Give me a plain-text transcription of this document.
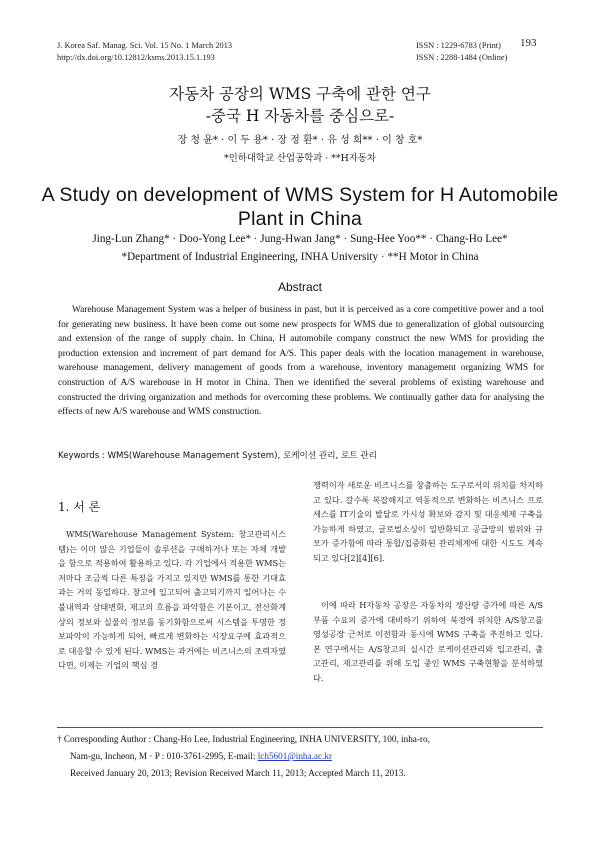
J. Korea Saf. Manag. Sci. Vol. 15 No. 1 March 2013
http://dx.doi.org/10.12812/ksms.2013.15.1.193
ISSN : 1229-6783 (Print)
ISSN : 2288-1484 (Online)
193
자동차 공장의 WMS 구축에 관한 연구
-중국 H 자동차를 중심으로-
장 청 윤* · 이 두 용* · 장 정 환* · 유 성 희** · 이 창 호*
*인하대학교 산업공학과 · **H자동차
A Study on development of WMS System for H Automobile
Plant in China
Jing-Lun Zhang* · Doo-Yong Lee* · Jung-Hwan Jang* · Sung-Hee Yoo** · Chang-Ho Lee*
*Department of Industrial Engineering, INHA University · **H Motor in China
Abstract
Warehouse Management System was a helper of business in past, but it is perceived as a core competitive power and a tool for generating new business. It have been come out some new prospects for WMS due to generalization of global outsourcing and extension of the range of supply chain. In China, H automobile company construct the new WMS for providing the production extension and increment of part demand for A/S. This paper deals with the location management in warehouse, warehouse management, delivery management of goods from a warehouse, inventory management organizing WMS for construction of A/S warehouse in H motor in China. Then we identified the several problems of existing warehouse and constructed the driving organization and methods for overcoming these problems. We continually gather data for analysing the effects of new A/S warehouse and WMS construction.
Keywords : WMS(Warehouse Management System), 로케이션 관리, 로트 관리
1. 서 론
WMS(Warehouse Management System: 창고관리시스템)는 이미 많은 기업들이 솔루션을 구매하거나 또는 자체 개발을 함으로 적용하여 활용하고 있다. 각 기업에서 적용한 WMS는 저마다 조금씩 다른 특징을 가지고 있지만 WMS를 통한 기대효과는 거의 동일하다. 창고에 입고되어 출고되기까지 일어나는 수불내역과 상태변화, 재고의 흐름을 파악함은 기본이고, 전산화계상의 정보와 실물의 정보를 동기화함으로써 시스템을 투명한 정보파악이 가능하게 되어, 빠르게 변화하는 시장요구에 효과적으로 대응할 수 있게 된다. WMS는 과거에는 비즈니스의 조력자였다면, 이제는 기업의 핵심 경
쟁력이자 새로운 비즈니스를 창출하는 도구로서의 위치를 차지하고 있다. 갈수록 복잡해지고 역동적으로 변화하는 비즈니스 프로세스를 IT기술의 발달로 가시성 확보와 감지 및 대응체제 구축을 가능하게 하였고, 글로벌소싱이 일반화되고 공급망의 범위와 규모가 증가함에 따라 통합/집중화된 관리체계에 대한 시도도 계속되고 있다[2][4][6].
이에 따라 H자동차 공장은 자동차의 생산량 증가에 따른 A/S부품 수요의 증가에 대비하기 위하여 북경에 위치한 A/S창고를 영성공장 근처로 이전함과 동시에 WMS 구축을 추진하고 있다. 본 연구에서는 A/S창고의 실시간 로케이션관리와 입고관리, 출고관리, 재고관리를 위해 도입 중인 WMS 구축현황을 분석하였다.
† Corresponding Author : Chang-Ho Lee, Industrial Engineering, INHA UNIVERSITY, 100, inha-ro,
Nam-gu, Incheon, M · P : 010-3761-2995, E-mail: lch5601@inha.ac.kr
Received January 20, 2013; Revision Received March 11, 2013; Accepted March 11, 2013.
